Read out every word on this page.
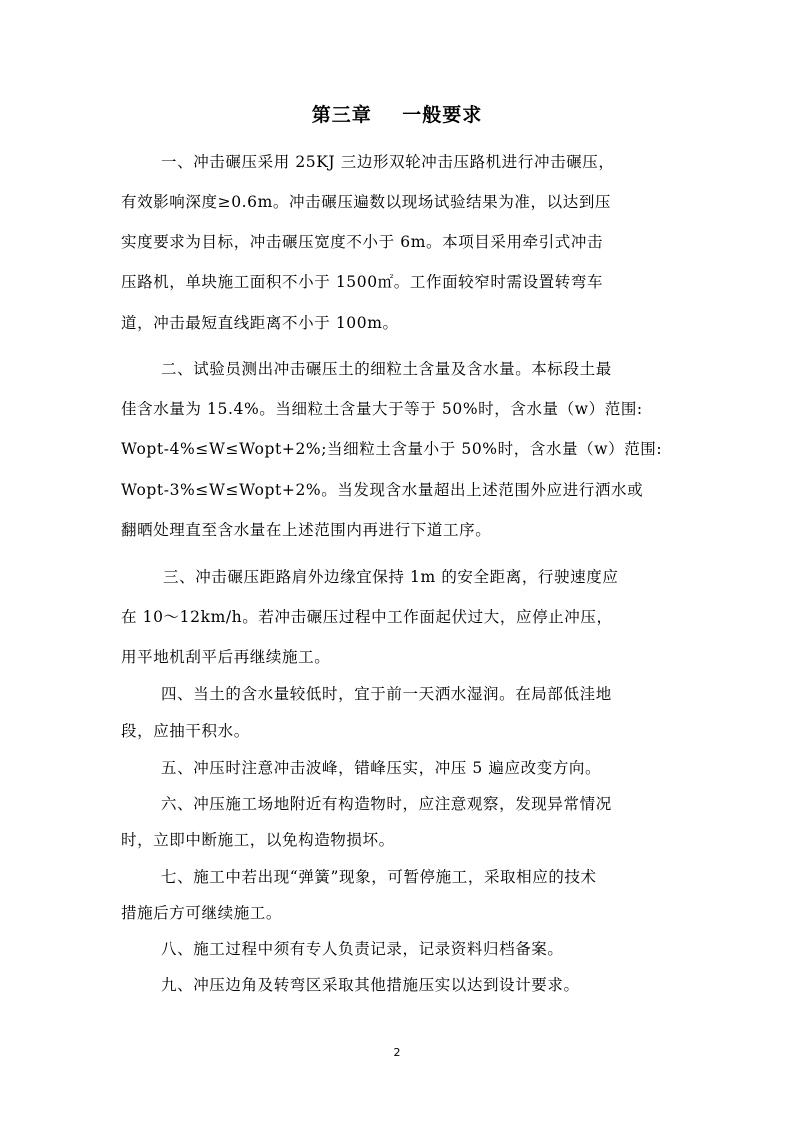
第三章    一般要求
一、冲击碾压采用 25KJ 三边形双轮冲击压路机进行冲击碾压，
有效影响深度≥0.6m。冲击碾压遍数以现场试验结果为准，以达到压
实度要求为目标，冲击碾压宽度不小于 6m。本项目采用牵引式冲击
压路机，单块施工面积不小于 1500㎡。工作面较窄时需设置转弯车
道，冲击最短直线距离不小于 100m。
二、试验员测出冲击碾压土的细粒土含量及含水量。本标段土最
佳含水量为 15.4%。当细粒土含量大于等于 50%时，含水量（w）范围:
Wopt-4%≤W≤Wopt+2%;当细粒土含量小于 50%时，含水量（w）范围:
Wopt-3%≤W≤Wopt+2%。当发现含水量超出上述范围外应进行洒水或
翻晒处理直至含水量在上述范围内再进行下道工序。
三、冲击碾压距路肩外边缘宜保持 1m 的安全距离，行驶速度应
在 10～12km/h。若冲击碾压过程中工作面起伏过大，应停止冲压，
用平地机刮平后再继续施工。
四、当土的含水量较低时，宜于前一天洒水湿润。在局部低洼地
段，应抽干积水。
五、冲压时注意冲击波峰，错峰压实，冲压 5 遍应改变方向。
六、冲压施工场地附近有构造物时，应注意观察，发现异常情况
时，立即中断施工，以免构造物损坏。
七、施工中若出现“弹簧”现象，可暂停施工，采取相应的技术
措施后方可继续施工。
八、施工过程中须有专人负责记录，记录资料归档备案。
九、冲压边角及转弯区采取其他措施压实以达到设计要求。
2
